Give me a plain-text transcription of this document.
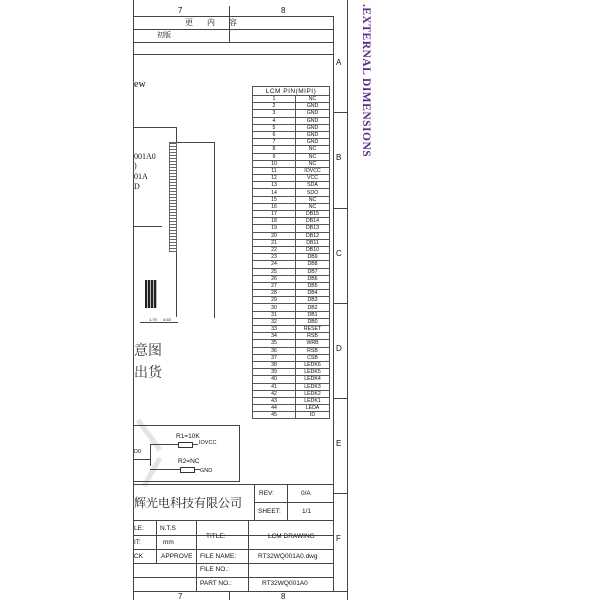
7	8
7	8
更 内 容
初版
A
B
C
D
E
F
ew
001A0
)
01A
D
1.79 4.63
意图
出货
R1=10K
IOVCC
D0
R2=NC
GND
LCM PIN(MIPI)	
1	NC
2	GND
3	GND
4	GND
5	GND
6	GND
7	GND
8	NC
9	NC
10	NC
11	IOVCC
12	VCC
13	SDA
14	SDO
15	NC
16	NC
17	DB15
18	DB14
19	DB13
20	DB12
21	DB11
22	DB10
23	DB9
24	DB8
25	DB7
26	DB6
27	DB5
28	DB4
29	DB3
30	DB2
31	DB1
32	DB0
33	RESET
34	RSB
35	WRB
36	RSB
37	CSB
38	LEDK6
39	LEDK5
40	LEDK4
41	LEDK3
42	LEDK2
43	LEDK1
44	LEDA
45	ID
.EXTERNAL DIMENSIONS
辉光电科技有限公司
REV:	0/A
SHEET:	1/1
LE: N.T.S
IT:	mm
CK	APPROVE
TITLE:	LCM DRAWING
FILE NAME:	RT32WQ001A0.dwg
FILE NO.:
PART NO.:	RT32WQ001A0
